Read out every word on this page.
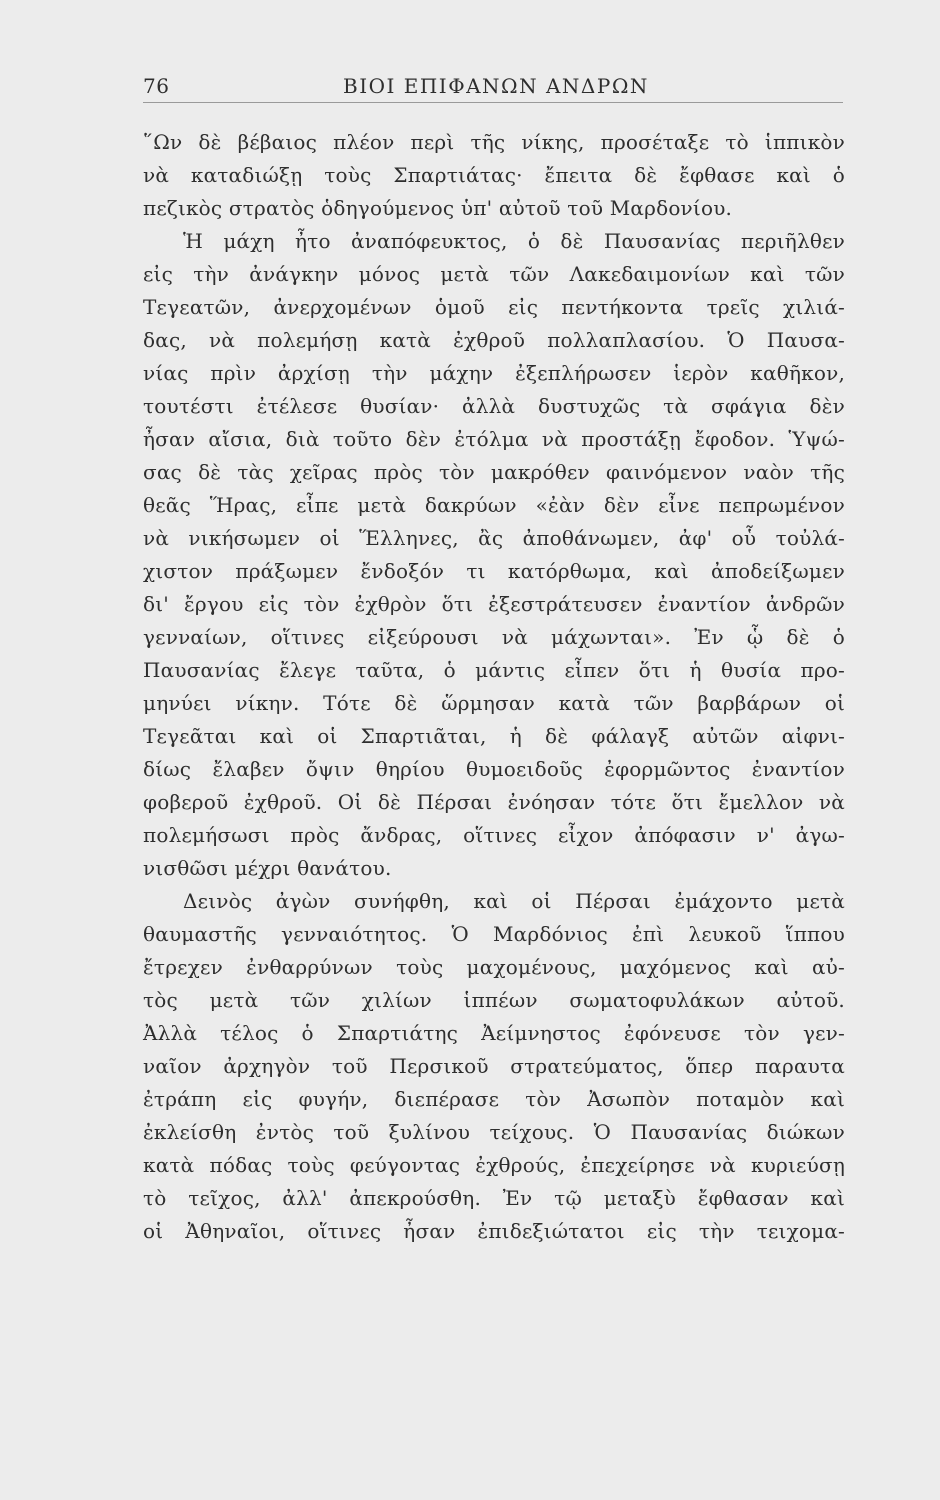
76	ΒΙΟΙ ΕΠΙΦΑΝΩΝ ΑΝΔΡΩΝ
῞Ων δὲ βέβαιος πλέον περὶ τῆς νίκης, προσέταξε τὸ ἱππικὸν
νὰ καταδιώξῃ τοὺς Σπαρτιάτας· ἔπειτα δὲ ἔφθασε καὶ ὁ
πεζικὸς στρατὸς ὁδηγούμενος ὑπ' αὐτοῦ τοῦ Μαρδονίου.
Ἡ μάχη ἦτο ἀναπόφευκτος, ὁ δὲ Παυσανίας περιῆλθεν
εἰς τὴν ἀνάγκην μόνος μετὰ τῶν Λακεδαιμονίων καὶ τῶν
Τεγεατῶν, ἀνερχομένων ὁμοῦ εἰς πεντήκοντα τρεῖς χιλιά-
δας, νὰ πολεμήσῃ κατὰ ἐχθροῦ πολλαπλασίου. Ὁ Παυσα-
νίας πρὶν ἀρχίσῃ τὴν μάχην ἐξεπλήρωσεν ἱερὸν καθῆκον,
τουτέστι ἐτέλεσε θυσίαν· ἀλλὰ δυστυχῶς τὰ σφάγια δὲν
ἦσαν αἴσια, διὰ τοῦτο δὲν ἐτόλμα νὰ προστάξῃ ἔφοδον. Ὑψώ-
σας δὲ τὰς χεῖρας πρὸς τὸν μακρόθεν φαινόμενον ναὸν τῆς
θεᾶς Ἥρας, εἶπε μετὰ δακρύων «ἐὰν δὲν εἶνε πεπρωμένον
νὰ νικήσωμεν οἱ Ἕλληνες, ἂς ἀποθάνωμεν, ἀφ' οὗ τοὐλά-
χιστον πράξωμεν ἔνδοξόν τι κατόρθωμα, καὶ ἀποδείξωμεν
δι' ἔργου εἰς τὸν ἐχθρὸν ὅτι ἐξεστράτευσεν ἐναντίον ἀνδρῶν
γενναίων, οἵτινες εἰξεύρουσι νὰ μάχωνται». Ἐν ᾧ δὲ ὁ
Παυσανίας ἔλεγε ταῦτα, ὁ μάντις εἶπεν ὅτι ἡ θυσία προ-
μηνύει νίκην. Τότε δὲ ὥρμησαν κατὰ τῶν βαρβάρων οἱ
Τεγεᾶται καὶ οἱ Σπαρτιᾶται, ἡ δὲ φάλαγξ αὐτῶν αἰφνι-
δίως ἔλαβεν ὄψιν θηρίου θυμοειδοῦς ἐφορμῶντος ἐναντίον
φοβεροῦ ἐχθροῦ. Οἱ δὲ Πέρσαι ἐνόησαν τότε ὅτι ἔμελλον νὰ
πολεμήσωσι πρὸς ἄνδρας, οἵτινες εἶχον ἀπόφασιν ν' ἀγω-
νισθῶσι μέχρι θανάτου.
Δεινὸς ἀγὼν συνήφθη, καὶ οἱ Πέρσαι ἐμάχοντο μετὰ
θαυμαστῆς γενναιότητος. Ὁ Μαρδόνιος ἐπὶ λευκοῦ ἵππου
ἔτρεχεν ἐνθαρρύνων τοὺς μαχομένους, μαχόμενος καὶ αὐ-
τὸς μετὰ τῶν χιλίων ἱππέων σωματοφυλάκων αὐτοῦ.
Ἀλλὰ τέλος ὁ Σπαρτιάτης Ἀείμνηστος ἐφόνευσε τὸν γεν-
ναῖον ἀρχηγὸν τοῦ Περσικοῦ στρατεύματος, ὅπερ παραυτα
ἐτράπη εἰς φυγήν, διεπέρασε τὸν Ἀσωπὸν ποταμὸν καὶ
ἐκλείσθη ἐντὸς τοῦ ξυλίνου τείχους. Ὁ Παυσανίας διώκων
κατὰ πόδας τοὺς φεύγοντας ἐχθρούς, ἐπεχείρησε νὰ κυριεύσῃ
τὸ τεῖχος, ἀλλ' ἀπεκρούσθη. Ἐν τῷ μεταξὺ ἔφθασαν καὶ
οἱ Ἀθηναῖοι, οἵτινες ἦσαν ἐπιδεξιώτατοι εἰς τὴν τειχομα-
